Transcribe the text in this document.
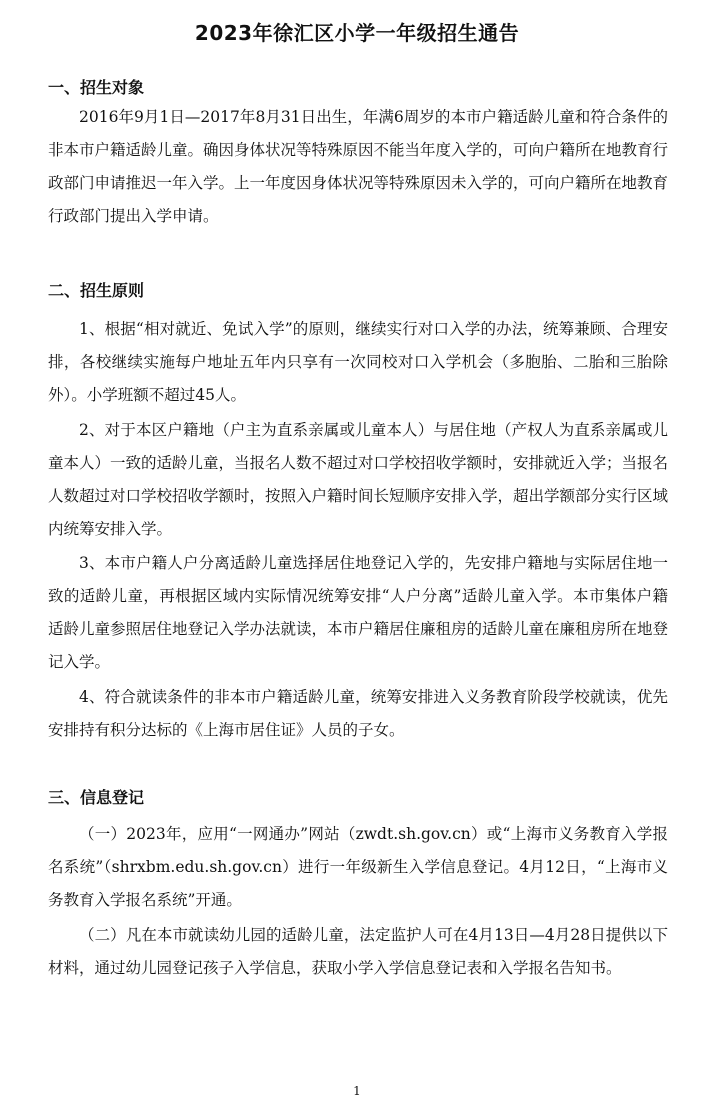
2023年徐汇区小学一年级招生通告
一、招生对象

2016年9月1日—2017年8月31日出生，年满6周岁的本市户籍适龄儿童和符合条件的非本市户籍适龄儿童。确因身体状况等特殊原因不能当年度入学的，可向户籍所在地教育行政部门申请推迟一年入学。上一年度因身体状况等特殊原因未入学的，可向户籍所在地教育行政部门提出入学申请。

二、招生原则

1、根据“相对就近、免试入学”的原则，继续实行对口入学的办法，统筹兼顾、合理安排，各校继续实施每户地址五年内只享有一次同校对口入学机会（多胞胎、二胎和三胎除外）。小学班额不超过45人。

2、对于本区户籍地（户主为直系亲属或儿童本人）与居住地（产权人为直系亲属或儿童本人）一致的适龄儿童，当报名人数不超过对口学校招收学额时，安排就近入学；当报名人数超过对口学校招收学额时，按照入户籍时间长短顺序安排入学，超出学额部分实行区域内统筹安排入学。

3、本市户籍人户分离适龄儿童选择居住地登记入学的，先安排户籍地与实际居住地一致的适龄儿童，再根据区域内实际情况统筹安排“人户分离”适龄儿童入学。本市集体户籍适龄儿童参照居住地登记入学办法就读，本市户籍居住廉租房的适龄儿童在廉租房所在地登记入学。

4、符合就读条件的非本市户籍适龄儿童，统筹安排进入义务教育阶段学校就读，优先安排持有积分达标的《上海市居住证》人员的子女。

三、信息登记

（一）2023年，应用“一网通办”网站（zwdt.sh.gov.cn）或“上海市义务教育入学报名系统”（shrxbm.edu.sh.gov.cn）进行一年级新生入学信息登记。4月12日，“上海市义务教育入学报名系统”开通。

（二）凡在本市就读幼儿园的适龄儿童，法定监护人可在4月13日—4月28日提供以下材料，通过幼儿园登记孩子入学信息，获取小学入学信息登记表和入学报名告知书。

1
